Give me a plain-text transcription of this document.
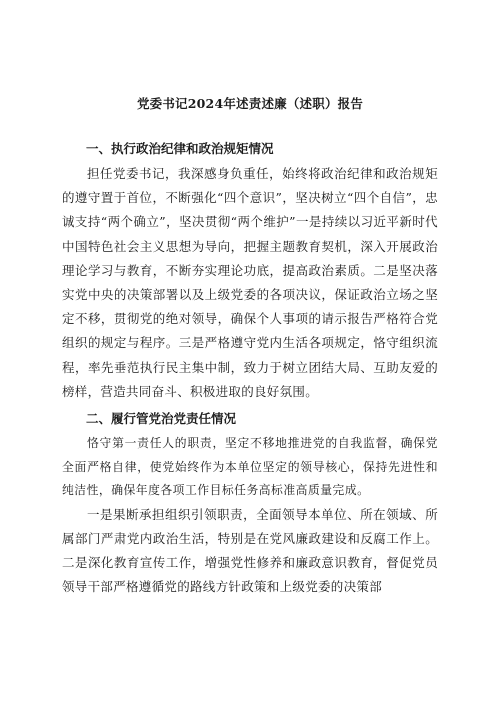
党委书记2024年述责述廉（述职）报告
一、执行政治纪律和政治规矩情况

担任党委书记，我深感身负重任，始终将政治纪律和政治规矩的遵守置于首位，不断强化“四个意识”，坚决树立“四个自信”，忠诚支持“两个确立”，坚决贯彻“两个维护”一是持续以习近平新时代中国特色社会主义思想为导向，把握主题教育契机，深入开展政治理论学习与教育，不断夯实理论功底，提高政治素质。二是坚决落实党中央的决策部署以及上级党委的各项决议，保证政治立场之坚定不移，贯彻党的绝对领导，确保个人事项的请示报告严格符合党组织的规定与程序。三是严格遵守党内生活各项规定，恪守组织流程，率先垂范执行民主集中制，致力于树立团结大局、互助友爱的榜样，营造共同奋斗、积极进取的良好氛围。

二、履行管党治党责任情况

恪守第一责任人的职责，坚定不移地推进党的自我监督，确保党全面严格自律，使党始终作为本单位坚定的领导核心，保持先进性和纯洁性，确保年度各项工作目标任务高标准高质量完成。

一是果断承担组织引领职责，全面领导本单位、所在领域、所属部门严肃党内政治生活，特别是在党风廉政建设和反腐工作上。二是深化教育宣传工作，增强党性修养和廉政意识教育，督促党员领导干部严格遵循党的路线方针政策和上级党委的决策部
